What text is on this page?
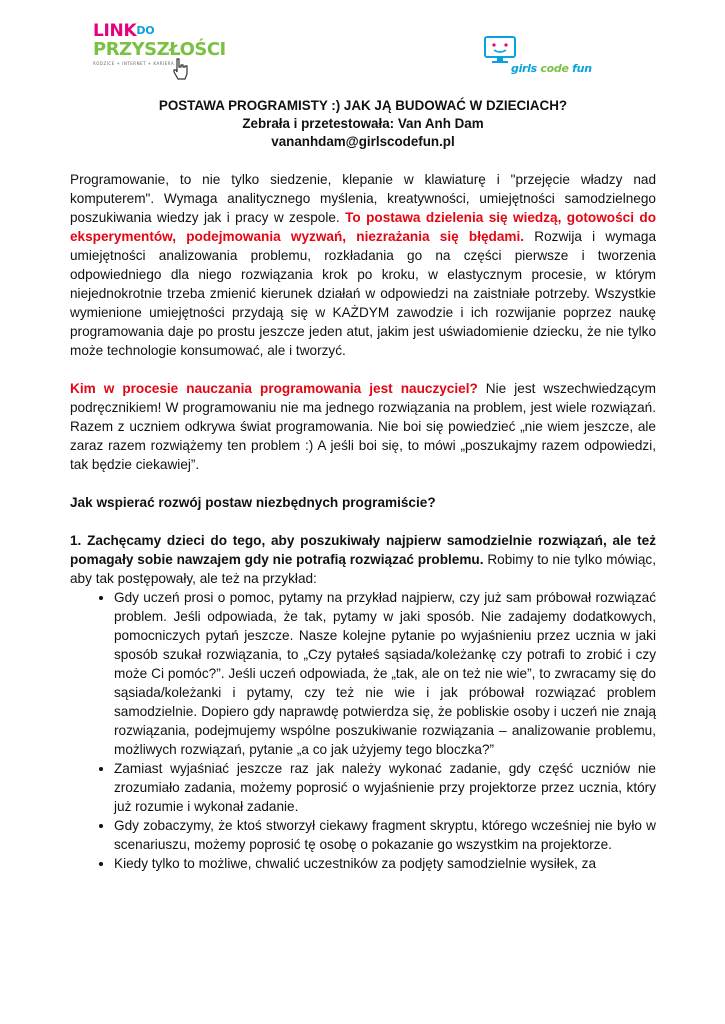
$LINK^{DO}$
PRZYSZŁOŚCI
RODZICE + INTERNET + KARIERA	girls code fun
POSTAWA PROGRAMISTY :) JAK JĄ BUDOWAĆ W DZIECIACH?
Zebrała i przetestowała: Van Anh Dam
vananhdam@girlscodefun.pl

Programowanie, to nie tylko siedzenie, klepanie w klawiaturę i "przejęcie władzy nad komputerem". Wymaga analitycznego myślenia, kreatywności, umiejętności samodzielnego poszukiwania wiedzy jak i pracy w zespole. To postawa dzielenia się wiedzą, gotowości do eksperymentów, podejmowania wyzwań, niezrażania się błędami. Rozwija i wymaga umiejętności analizowania problemu, rozkładania go na części pierwsze i tworzenia odpowiedniego dla niego rozwiązania krok po kroku, w elastycznym procesie, w którym niejednokrotnie trzeba zmienić kierunek działań w odpowiedzi na zaistniałe potrzeby. Wszystkie wymienione umiejętności przydają się w KAŻDYM zawodzie i ich rozwijanie poprzez naukę programowania daje po prostu jeszcze jeden atut, jakim jest uświadomienie dziecku, że nie tylko może technologie konsumować, ale i tworzyć.

Kim w procesie nauczania programowania jest nauczyciel? Nie jest wszechwiedzącym podręcznikiem! W programowaniu nie ma jednego rozwiązania na problem, jest wiele rozwiązań. Razem z uczniem odkrywa świat programowania. Nie boi się powiedzieć „nie wiem jeszcze, ale zaraz razem rozwiążemy ten problem :) A jeśli boi się, to mówi „poszukajmy razem odpowiedzi, tak będzie ciekawiej”.

Jak wspierać rozwój postaw niezbędnych programiście?

1. Zachęcamy dzieci do tego, aby poszukiwały najpierw samodzielnie rozwiązań, ale też pomagały sobie nawzajem gdy nie potrafią rozwiązać problemu. Robimy to nie tylko mówiąc, aby tak postępowały, ale też na przykład:

• Gdy uczeń prosi o pomoc, pytamy na przykład najpierw, czy już sam próbował rozwiązać problem. Jeśli odpowiada, że tak, pytamy w jaki sposób. Nie zadajemy dodatkowych, pomocniczych pytań jeszcze. Nasze kolejne pytanie po wyjaśnieniu przez ucznia w jaki sposób szukał rozwiązania, to „Czy pytałeś sąsiada/koleżankę czy potrafi to zrobić i czy może Ci pomóc?”. Jeśli uczeń odpowiada, że „tak, ale on też nie wie”, to zwracamy się do sąsiada/koleżanki i pytamy, czy też nie wie i jak próbował rozwiązać problem samodzielnie. Dopiero gdy naprawdę potwierdza się, że pobliskie osoby i uczeń nie znają rozwiązania, podejmujemy wspólne poszukiwanie rozwiązania – analizowanie problemu, możliwych rozwiązań, pytanie „a co jak użyjemy tego bloczka?”
• Zamiast wyjaśniać jeszcze raz jak należy wykonać zadanie, gdy część uczniów nie zrozumiało zadania, możemy poprosić o wyjaśnienie przy projektorze przez ucznia, który już rozumie i wykonał zadanie.
• Gdy zobaczymy, że ktoś stworzył ciekawy fragment skryptu, którego wcześniej nie było w scenariuszu, możemy poprosić tę osobę o pokazanie go wszystkim na projektorze.
• Kiedy tylko to możliwe, chwalić uczestników za podjęty samodzielnie wysiłek, za
